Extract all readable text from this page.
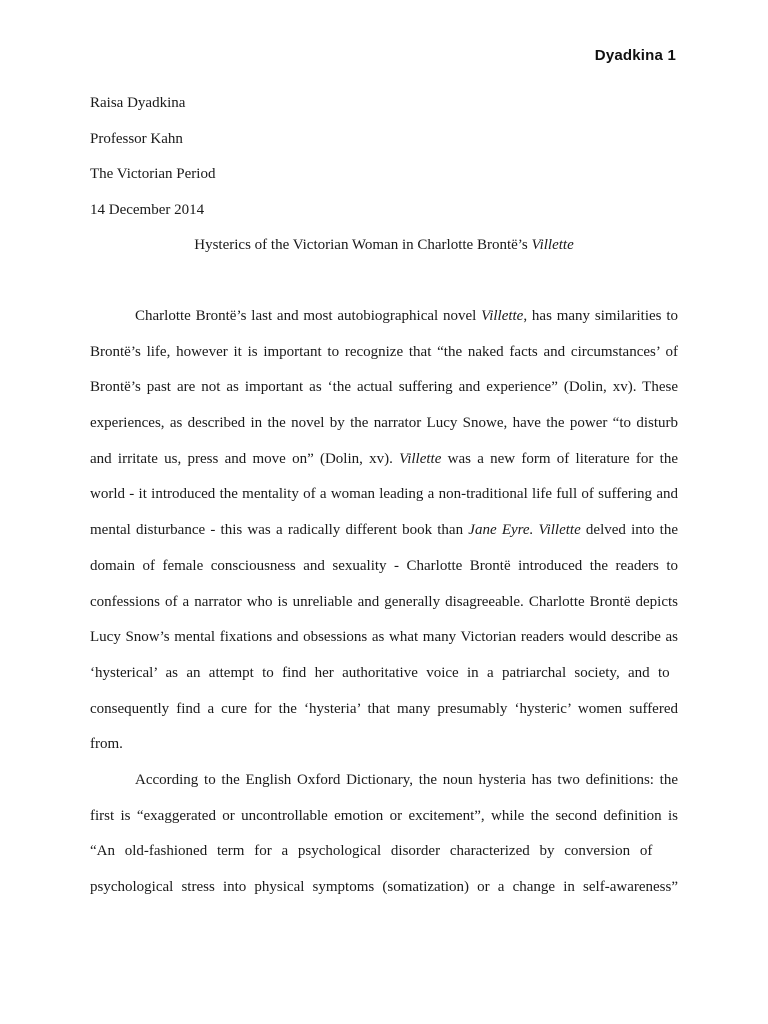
Dyadkina 1
Raisa Dyadkina
Professor Kahn
The Victorian Period
14 December 2014
Hysterics of the Victorian Woman in Charlotte Brontë’s Villette
Charlotte Brontë’s last and most autobiographical novel Villette, has many similarities to
Brontë’s life, however it is important to recognize that “the naked facts and circumstances’ of
Brontë’s past are not as important as ‘the actual suffering and experience” (Dolin, xv). These
experiences, as described in the novel by the narrator Lucy Snowe, have the power “to disturb
and irritate us, press and move on” (Dolin, xv). Villette was a new form of literature for the
world - it introduced the mentality of a woman leading a non-traditional life full of suffering and
mental disturbance - this was a radically different book than Jane Eyre. Villette delved into the
domain of female consciousness and sexuality - Charlotte Brontë introduced the readers to
confessions of a narrator who is unreliable and generally disagreeable. Charlotte Brontë depicts
Lucy Snow’s mental fixations and obsessions as what many Victorian readers would describe as
‘hysterical’ as an attempt to find her authoritative voice in a patriarchal society, and to
consequently find a cure for the ‘hysteria’ that many presumably ‘hysteric’ women suffered
from.
According to the English Oxford Dictionary, the noun hysteria has two definitions: the
first is “exaggerated or uncontrollable emotion or excitement”, while the second definition is
“An old-fashioned term for a psychological disorder characterized by conversion of
psychological stress into physical symptoms (somatization) or a change in self-awareness”
